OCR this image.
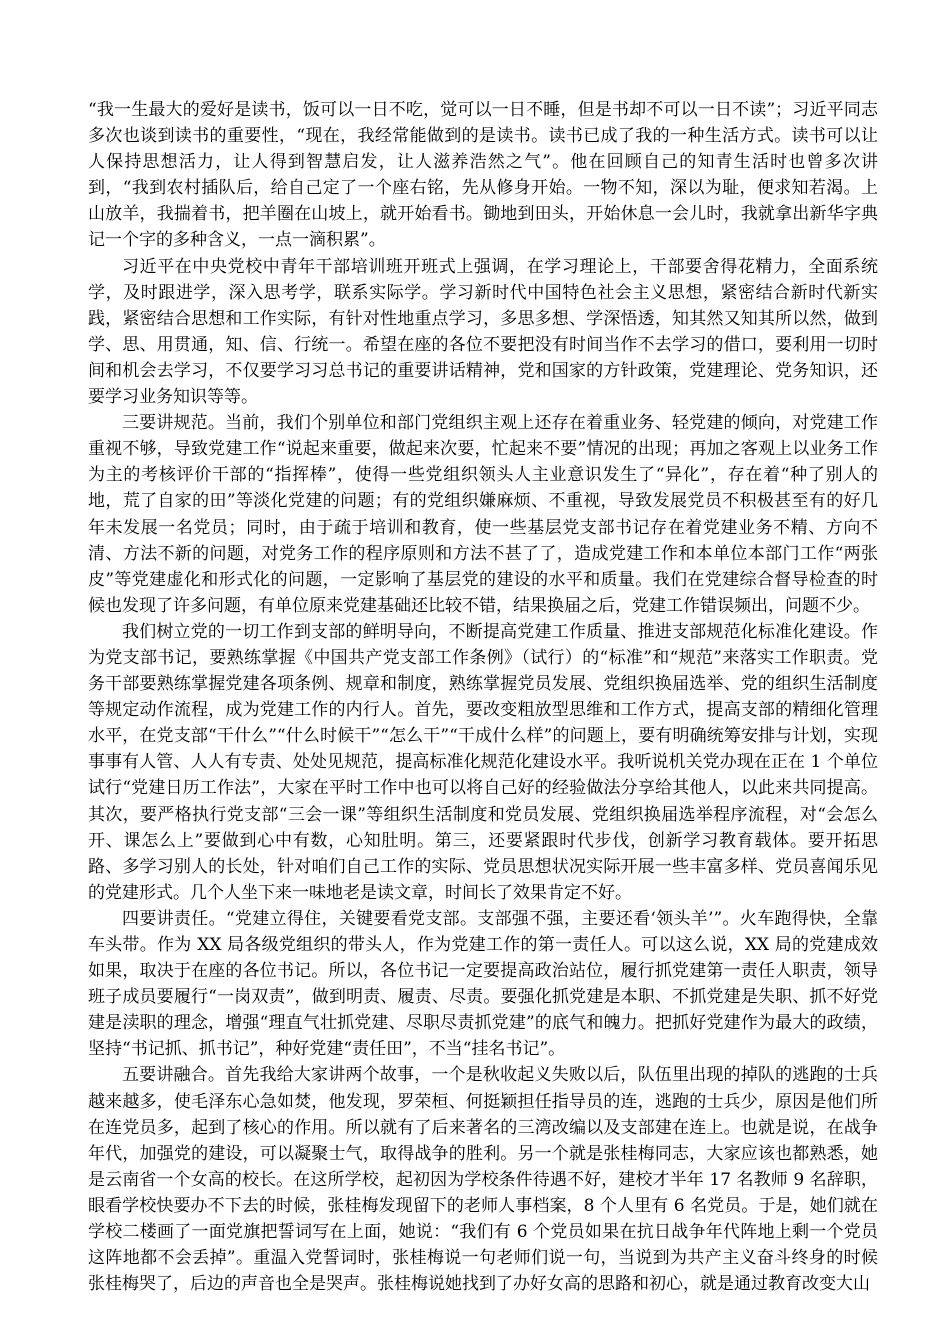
“我一生最大的爱好是读书，饭可以一日不吃，觉可以一日不睡，但是书却不可以一日不读”；习近平同志多次也谈到读书的重要性，“现在，我经常能做到的是读书。读书已成了我的一种生活方式。读书可以让人保持思想活力，让人得到智慧启发，让人滋养浩然之气”。他在回顾自己的知青生活时也曾多次讲到，“我到农村插队后，给自己定了一个座右铭，先从修身开始。一物不知，深以为耻，便求知若渴。上山放羊，我揣着书，把羊圈在山坡上，就开始看书。锄地到田头，开始休息一会儿时，我就拿出新华字典记一个字的多种含义，一点一滴积累”。

习近平在中央党校中青年干部培训班开班式上强调，在学习理论上，干部要舍得花精力，全面系统学，及时跟进学，深入思考学，联系实际学。学习新时代中国特色社会主义思想，紧密结合新时代新实践，紧密结合思想和工作实际，有针对性地重点学习，多思多想、学深悟透，知其然又知其所以然，做到学、思、用贯通，知、信、行统一。希望在座的各位不要把没有时间当作不去学习的借口，要利用一切时间和机会去学习，不仅要学习习总书记的重要讲话精神，党和国家的方针政策，党建理论、党务知识，还要学习业务知识等等。

三要讲规范。当前，我们个别单位和部门党组织主观上还存在着重业务、轻党建的倾向，对党建工作重视不够，导致党建工作“说起来重要，做起来次要，忙起来不要”情况的出现；再加之客观上以业务工作为主的考核评价干部的“指挥棒”，使得一些党组织领头人主业意识发生了“异化”，存在着“种了别人的地，荒了自家的田”等淡化党建的问题；有的党组织嫌麻烦、不重视，导致发展党员不积极甚至有的好几年未发展一名党员；同时，由于疏于培训和教育，使一些基层党支部书记存在着党建业务不精、方向不清、方法不新的问题，对党务工作的程序原则和方法不甚了了，造成党建工作和本单位本部门工作“两张皮”等党建虚化和形式化的问题，一定影响了基层党的建设的水平和质量。我们在党建综合督导检查的时候也发现了许多问题，有单位原来党建基础还比较不错，结果换届之后，党建工作错误频出，问题不少。

我们树立党的一切工作到支部的鲜明导向，不断提高党建工作质量、推进支部规范化标准化建设。作为党支部书记，要熟练掌握《中国共产党支部工作条例》（试行）的“标准”和“规范”来落实工作职责。党务干部要熟练掌握党建各项条例、规章和制度，熟练掌握党员发展、党组织换届选举、党的组织生活制度等规定动作流程，成为党建工作的内行人。首先，要改变粗放型思维和工作方式，提高支部的精细化管理水平，在党支部“干什么”“什么时候干”“怎么干”“干成什么样”的问题上，要有明确统筹安排与计划，实现事事有人管、人人有专责、处处见规范，提高标准化规范化建设水平。我听说机关党办现在正在 1 个单位试行“党建日历工作法”，大家在平时工作中也可以将自己好的经验做法分享给其他人，以此来共同提高。其次，要严格执行党支部“三会一课”等组织生活制度和党员发展、党组织换届选举程序流程，对“会怎么开、课怎么上”要做到心中有数，心知肚明。第三，还要紧跟时代步伐，创新学习教育载体。要开拓思路、多学习别人的长处，针对咱们自己工作的实际、党员思想状况实际开展一些丰富多样、党员喜闻乐见的党建形式。几个人坐下来一味地老是读文章，时间长了效果肯定不好。

四要讲责任。“党建立得住，关键要看党支部。支部强不强，主要还看‘领头羊’”。火车跑得快，全靠车头带。作为 XX 局各级党组织的带头人，作为党建工作的第一责任人。可以这么说，XX 局的党建成效如果，取决于在座的各位书记。所以，各位书记一定要提高政治站位，履行抓党建第一责任人职责，领导班子成员要履行“一岗双责”，做到明责、履责、尽责。要强化抓党建是本职、不抓党建是失职、抓不好党建是渎职的理念，增强“理直气壮抓党建、尽职尽责抓党建”的底气和魄力。把抓好党建作为最大的政绩，坚持“书记抓、抓书记”，种好党建“责任田”，不当“挂名书记”。

五要讲融合。首先我给大家讲两个故事，一个是秋收起义失败以后，队伍里出现的掉队的逃跑的士兵越来越多，使毛泽东心急如焚，他发现，罗荣桓、何挺颖担任指导员的连，逃跑的士兵少，原因是他们所在连党员多，起到了核心的作用。所以就有了后来著名的三湾改编以及支部建在连上。也就是说，在战争年代，加强党的建设，可以凝聚士气，取得战争的胜利。另一个就是张桂梅同志，大家应该也都熟悉，她是云南省一个女高的校长。在这所学校，起初因为学校条件待遇不好，建校才半年 17 名教师 9 名辞职，眼看学校快要办不下去的时候，张桂梅发现留下的老师人事档案，8 个人里有 6 名党员。于是，她们就在学校二楼画了一面党旗把誓词写在上面，她说：“我们有 6 个党员如果在抗日战争年代阵地上剩一个党员这阵地都不会丢掉”。重温入党誓词时，张桂梅说一句老师们说一句，当说到为共产主义奋斗终身的时候张桂梅哭了，后边的声音也全是哭声。张桂梅说她找到了办好女高的思路和初心，就是通过教育改变大山
